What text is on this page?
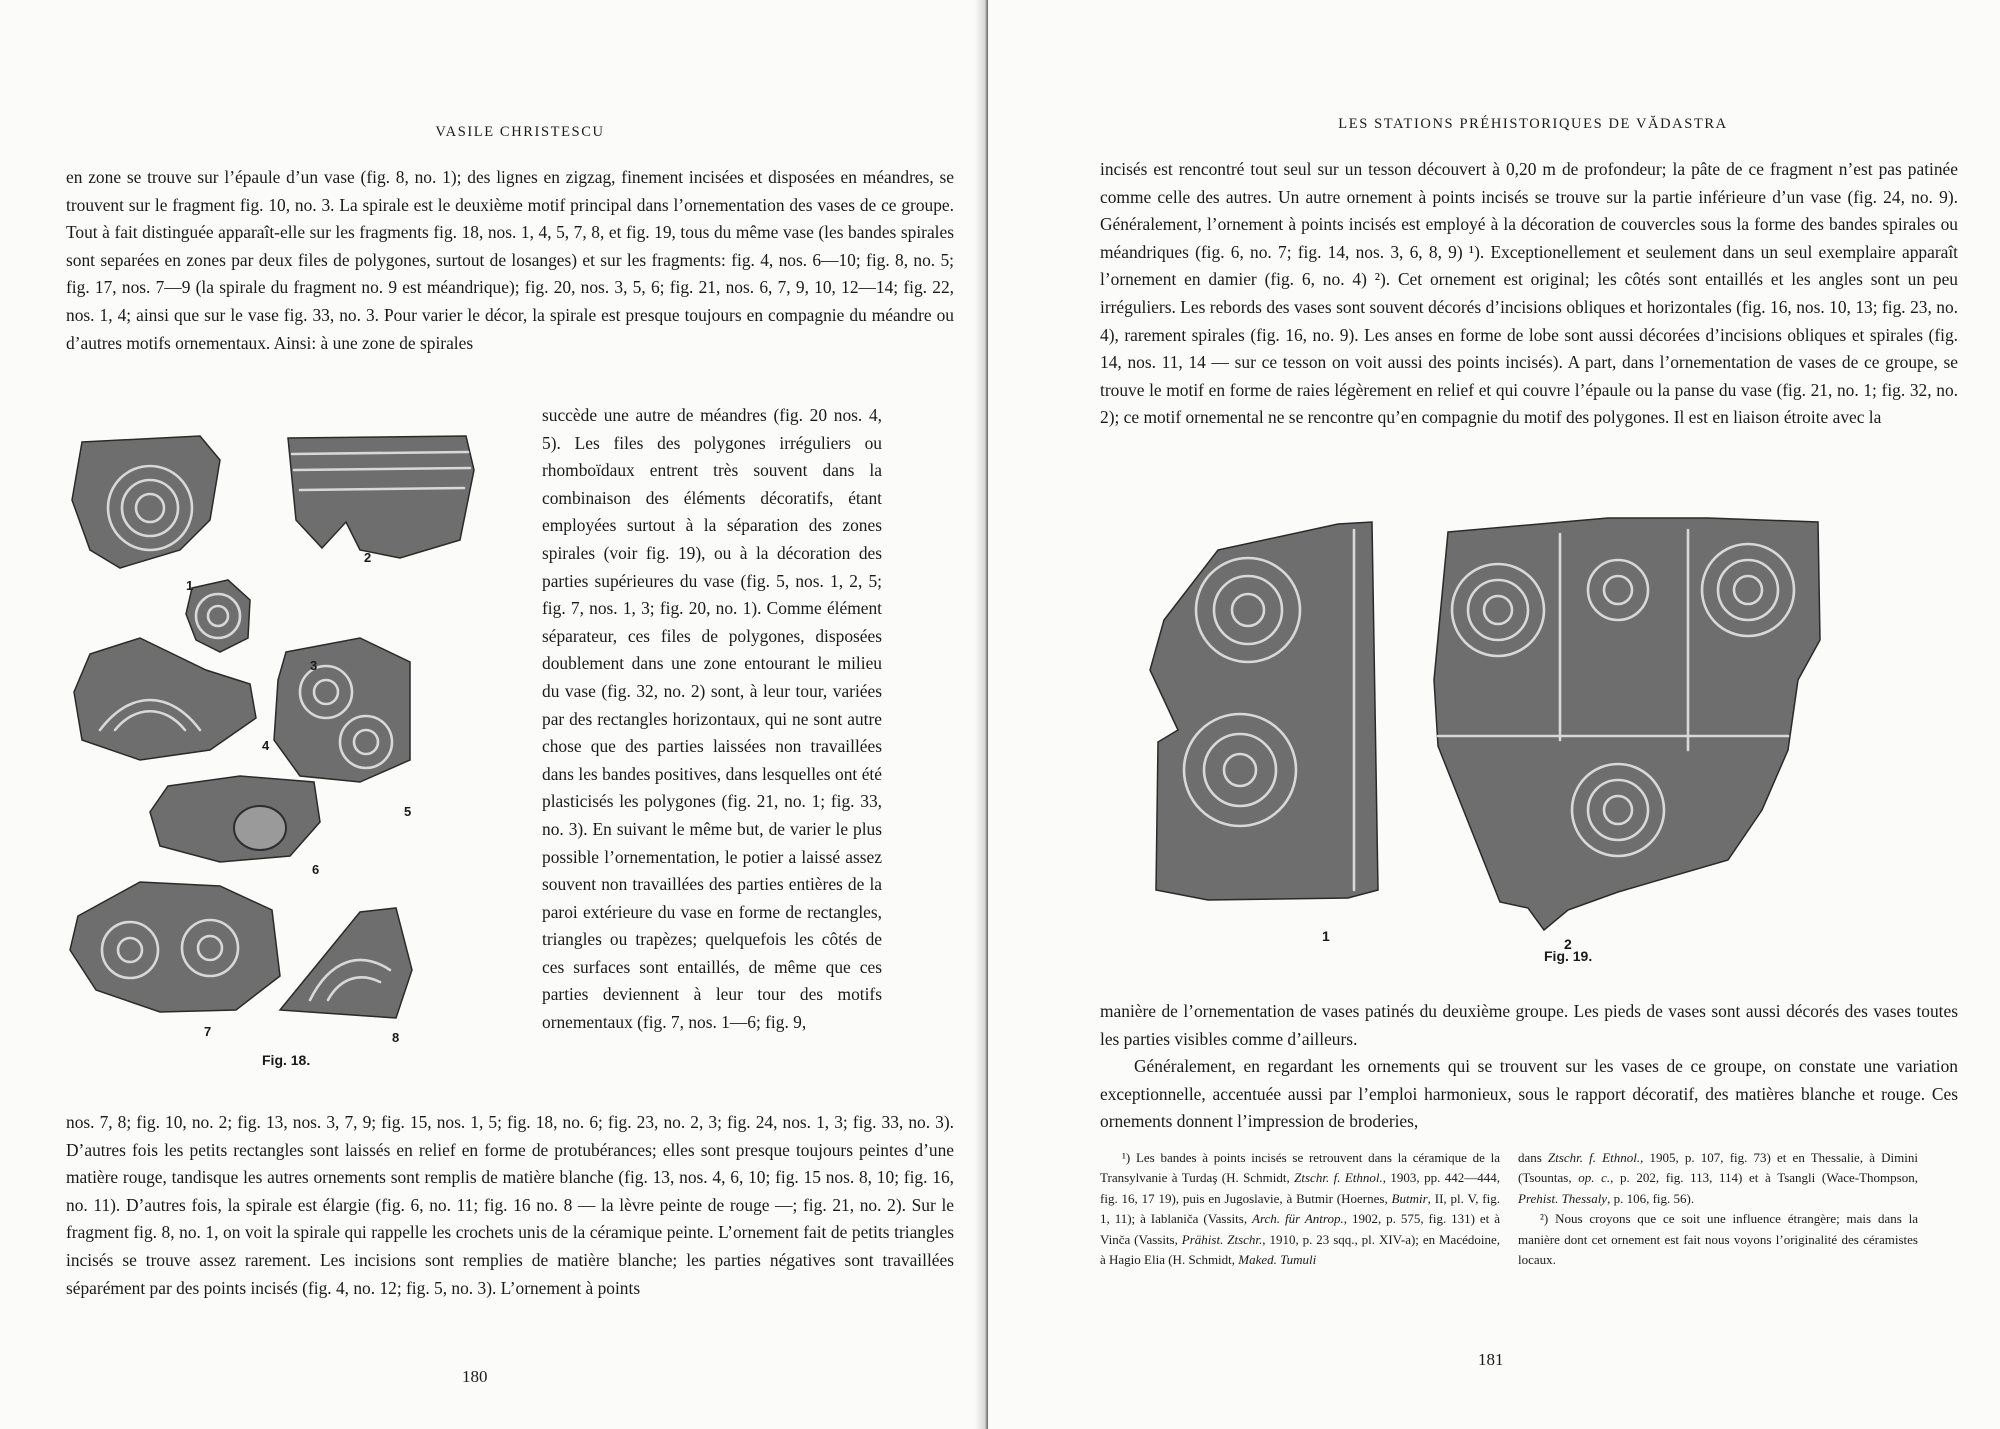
VASILE CHRISTESCU

en zone se trouve sur l’épaule d’un vase (fig. 8, no. 1); des lignes en zigzag, finement incisées et disposées en méandres, se trouvent sur le fragment fig. 10, no. 3. La spirale est le deuxième motif principal dans l’ornementation des vases de ce groupe. Tout à fait distinguée apparaît-elle sur les fragments fig. 18, nos. 1, 4, 5, 7, 8, et fig. 19, tous du même vase (les bandes spirales sont separées en zones par deux files de polygones, surtout de losanges) et sur les fragments: fig. 4, nos. 6—10; fig. 8, no. 5; fig. 17, nos. 7—9 (la spirale du fragment no. 9 est méandrique); fig. 20, nos. 3, 5, 6; fig. 21, nos. 6, 7, 9, 10, 12—14; fig. 22, nos. 1, 4; ainsi que sur le vase fig. 33, no. 3. Pour varier le décor, la spirale est presque toujours en compagnie du méandre ou d’autres motifs ornementaux. Ainsi: à une zone de spirales

succède une autre de méandres (fig. 20 nos. 4, 5). Les files des polygones irréguliers ou rhomboïdaux entrent très souvent dans la combinaison des éléments décoratifs, étant employées surtout à la séparation des zones spirales (voir fig. 19), ou à la décoration des parties supérieures du vase (fig. 5, nos. 1, 2, 5; fig. 7, nos. 1, 3; fig. 20, no. 1). Comme élément séparateur, ces files de polygones, disposées doublement dans une zone entourant le milieu du vase (fig. 32, no. 2) sont, à leur tour, variées par des rectangles horizontaux, qui ne sont autre chose que des parties laissées non travaillées dans les bandes positives, dans lesquelles ont été plasticisés les polygones (fig. 21, no. 1; fig. 33, no. 3). En suivant le même but, de varier le plus possible l’ornementation, le potier a laissé assez souvent non travaillées des parties entières de la paroi extérieure du vase en forme de rectangles, triangles ou trapèzes; quelquefois les côtés de ces surfaces sont entaillés, de même que ces parties deviennent à leur tour des motifs ornementaux (fig. 7, nos. 1—6; fig. 9,

nos. 7, 8; fig. 10, no. 2; fig. 13, nos. 3, 7, 9; fig. 15, nos. 1, 5; fig. 18, no. 6; fig. 23, no. 2, 3; fig. 24, nos. 1, 3; fig. 33, no. 3). D’autres fois les petits rectangles sont laissés en relief en forme de protubérances; elles sont presque toujours peintes d’une matière rouge, tandisque les autres ornements sont remplis de matière blanche (fig. 13, nos. 4, 6, 10; fig. 15 nos. 8, 10; fig. 16, no. 11). D’autres fois, la spirale est élargie (fig. 6, no. 11; fig. 16 no. 8 — la lèvre peinte de rouge —; fig. 21, no. 2). Sur le fragment fig. 8, no. 1, on voit la spirale qui rappelle les crochets unis de la céramique peinte. L’ornement fait de petits triangles incisés se trouve assez rarement. Les incisions sont remplies de matière blanche; les parties négatives sont travaillées séparément par des points incisés (fig. 4, no. 12; fig. 5, no. 3). L’ornement à points

1
2
3
4
5
6
7	8
Fig. 18.
180
LES STATIONS PRÉHISTORIQUES DE VĂDASTRA

incisés est rencontré tout seul sur un tesson découvert à 0,20 m de profondeur; la pâte de ce fragment n’est pas patinée comme celle des autres. Un autre ornement à points incisés se trouve sur la partie inférieure d’un vase (fig. 24, no. 9). Généralement, l’ornement à points incisés est employé à la décoration de couvercles sous la forme des bandes spirales ou méandriques (fig. 6, no. 7; fig. 14, nos. 3, 6, 8, 9) ¹). Exceptionellement et seulement dans un seul exemplaire apparaît l’ornement en damier (fig. 6, no. 4) ²). Cet ornement est original; les côtés sont entaillés et les angles sont un peu irréguliers. Les rebords des vases sont souvent décorés d’incisions obliques et horizontales (fig. 16, nos. 10, 13; fig. 23, no. 4), rarement spirales (fig. 16, no. 9). Les anses en forme de lobe sont aussi décorées d’incisions obliques et spirales (fig. 14, nos. 11, 14 — sur ce tesson on voit aussi des points incisés). A part, dans l’ornementation de vases de ce groupe, se trouve le motif en forme de raies légèrement en relief et qui couvre l’épaule ou la panse du vase (fig. 21, no. 1; fig. 32, no. 2); ce motif ornemental ne se rencontre qu’en compagnie du motif des polygones. Il est en liaison étroite avec la

1	2
Fig. 19.

manière de l’ornementation de vases patinés du deuxième groupe. Les pieds de vases sont aussi décorés des vases toutes les parties visibles comme d’ailleurs.

Généralement, en regardant les ornements qui se trouvent sur les vases de ce groupe, on constate une variation exceptionnelle, accentuée aussi par l’emploi harmonieux, sous le rapport décoratif, des matières blanche et rouge. Ces ornements donnent l’impression de broderies,

¹) Les bandes à points incisés se retrouvent dans la céramique de la Transylvanie à Turdaş (H. Schmidt, Ztschr. f. Ethnol., 1903, pp. 442—444, fig. 16, 17 19), puis en Jugoslavie, à Butmir (Hoernes, Butmir, II, pl. V, fig. 1, 11); à Iablaniča (Vassits, Arch. für Antrop., 1902, p. 575, fig. 131) et à Vinča (Vassits, Prähist. Ztschr., 1910, p. 23 sqq., pl. XIV-a); en Macédoine, à Hagio Elia (H. Schmidt, Maked. Tumuli

dans Ztschr. f. Ethnol., 1905, p. 107, fig. 73) et en Thessalie, à Dimini (Tsountas, op. c., p. 202, fig. 113, 114) et à Tsangli (Wace-Thompson, Prehist. Thessaly, p. 106, fig. 56).

²) Nous croyons que ce soit une influence étrangère; mais dans la manière dont cet ornement est fait nous voyons l’originalité des céramistes locaux.

181
